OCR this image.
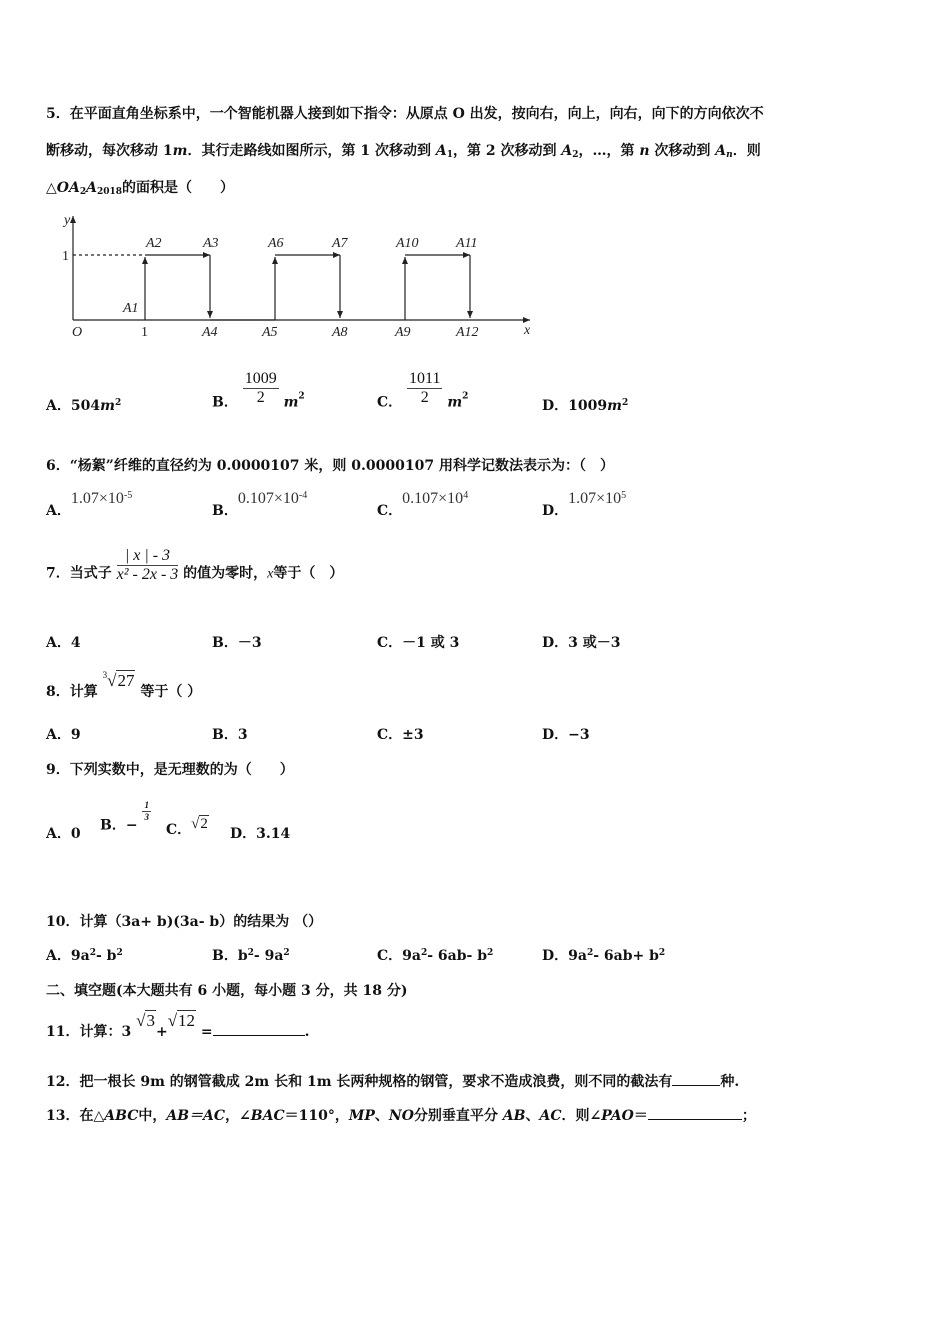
5．在平面直角坐标系中，一个智能机器人接到如下指令：从原点 O 出发，按向右，向上，向右，向下的方向依次不
断移动，每次移动 1m．其行走路线如图所示，第 1 次移动到 $A_1$，第 2 次移动到 $A_2$，…，第 n 次移动到 $A_n$．则
$\triangle OA_2A_{2018}$的面积是（　　）
y
x
O
1
1
A1
A2	A3
A4	A5
A6	A7
A8	A9
A10	A11
A12
A．$504m^2$	B． $\frac{1009}{2} m^2$	C． $\frac{1011}{2} m^2$
D．$1009m^2$
6．“杨絮”纤维的直径约为 0.0000107 米，则 0.0000107 用科学记数法表示为：（　）
A．$1.07\times 10^{-5}$
B．$0.107\times 10^{-4}$
C．$0.107\times 10^4$
D．$1.07\times 10^5$
7．当式子 $\frac{| x | - 3}{\text{x² - 2x - 3}}$ 的值为零时，x等于（　）
A．4	B．－3	C．－1 或 3	D．3 或－3
8．计算 $^3$√27 等于（ ）
A．9	B．3	C．±3	D．−3
9．下列实数中，是无理数的为（　　）
A．0
B．−
$\frac{1}{3}$
C．√2
D．3.14
10．计算（3a+ b)(3a- b）的结果为 （）
A．$9a^2-$ $b^2$	B．$b^2-$ $9a^2$	C．$9a^2-$ 6ab- $b^2$	D．$9a^2-$ $6ab+ b^2$
二、填空题(本大题共有 6 小题，每小题 3 分，共 18 分)
11．计算：3 √3+√12 =	.
12．把一根长 9m 的钢管截成 2m 长和 1m 长两种规格的钢管，要求不造成浪费，则不同的截法有	种.
13．在△ABC中，AB＝AC，∠BAC＝110°，MP、NO分别垂直平分 AB、AC．则∠PAO＝	；
